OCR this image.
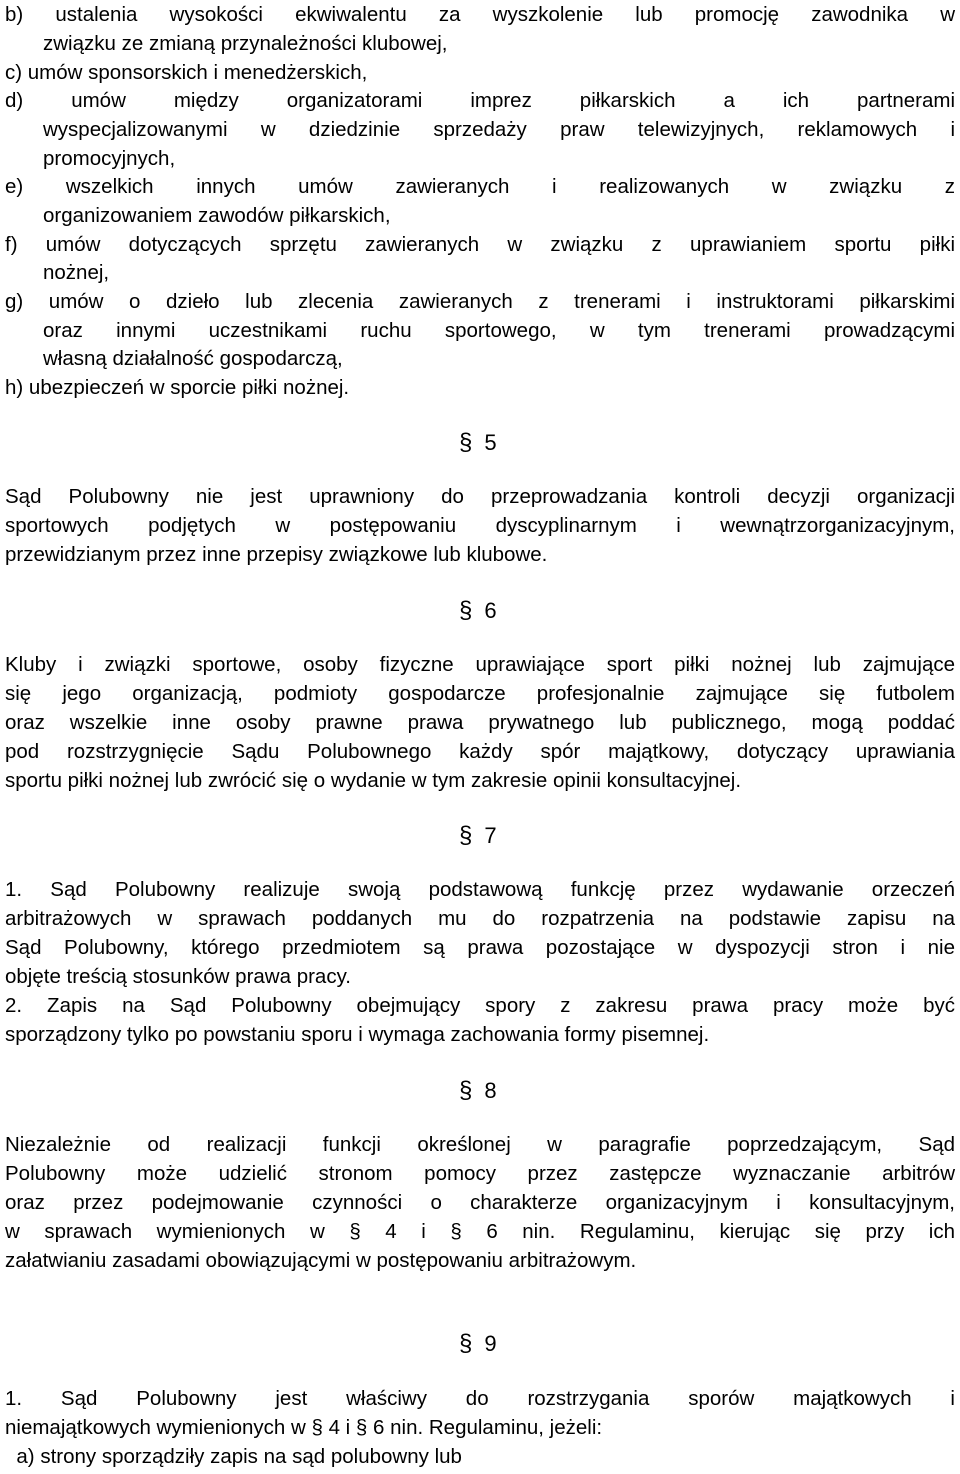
b) ustalenia wysokości ekwiwalentu za wyszkolenie lub promocję zawodnika w
związku ze zmianą przynależności klubowej,
c) umów sponsorskich i menedżerskich,
d) umów między organizatorami imprez piłkarskich a ich partnerami
wyspecjalizowanymi w dziedzinie sprzedaży praw telewizyjnych, reklamowych i
promocyjnych,
e) wszelkich innych umów zawieranych i realizowanych w związku z
organizowaniem zawodów piłkarskich,
f) umów dotyczących sprzętu zawieranych w związku z uprawianiem sportu piłki
nożnej,
g) umów o dzieło lub zlecenia zawieranych z trenerami i instruktorami piłkarskimi
oraz innymi uczestnikami ruchu sportowego, w tym trenerami prowadzącymi
własną działalność gospodarczą,
h) ubezpieczeń w sporcie piłki nożnej.
§ 5
Sąd Polubowny nie jest uprawniony do przeprowadzania kontroli decyzji organizacji
sportowych podjętych w postępowaniu dyscyplinarnym i wewnątrzorganizacyjnym,
przewidzianym przez inne przepisy związkowe lub klubowe.
§ 6
Kluby i związki sportowe, osoby fizyczne uprawiające sport piłki nożnej lub zajmujące
się jego organizacją, podmioty gospodarcze profesjonalnie zajmujące się futbolem
oraz wszelkie inne osoby prawne prawa prywatnego lub publicznego, mogą poddać
pod rozstrzygnięcie Sądu Polubownego każdy spór majątkowy, dotyczący uprawiania
sportu piłki nożnej lub zwrócić się o wydanie w tym zakresie opinii konsultacyjnej.
§ 7
1. Sąd Polubowny realizuje swoją podstawową funkcję przez wydawanie orzeczeń
arbitrażowych w sprawach poddanych mu do rozpatrzenia na podstawie zapisu na
Sąd Polubowny, którego przedmiotem są prawa pozostające w dyspozycji stron i nie
objęte treścią stosunków prawa pracy.
2. Zapis na Sąd Polubowny obejmujący spory z zakresu prawa pracy może być
sporządzony tylko po powstaniu sporu i wymaga zachowania formy pisemnej.
§ 8
Niezależnie od realizacji funkcji określonej w paragrafie poprzedzającym, Sąd
Polubowny może udzielić stronom pomocy przez zastępcze wyznaczanie arbitrów
oraz przez podejmowanie czynności o charakterze organizacyjnym i konsultacyjnym,
w sprawach wymienionych w § 4 i § 6 nin. Regulaminu, kierując się przy ich
załatwianiu zasadami obowiązującymi w postępowaniu arbitrażowym.
§ 9
1. Sąd Polubowny jest właściwy do rozstrzygania sporów majątkowych i
niemajątkowych wymienionych w § 4 i § 6 nin. Regulaminu, jeżeli:
a) strony sporządziły zapis na sąd polubowny lub
